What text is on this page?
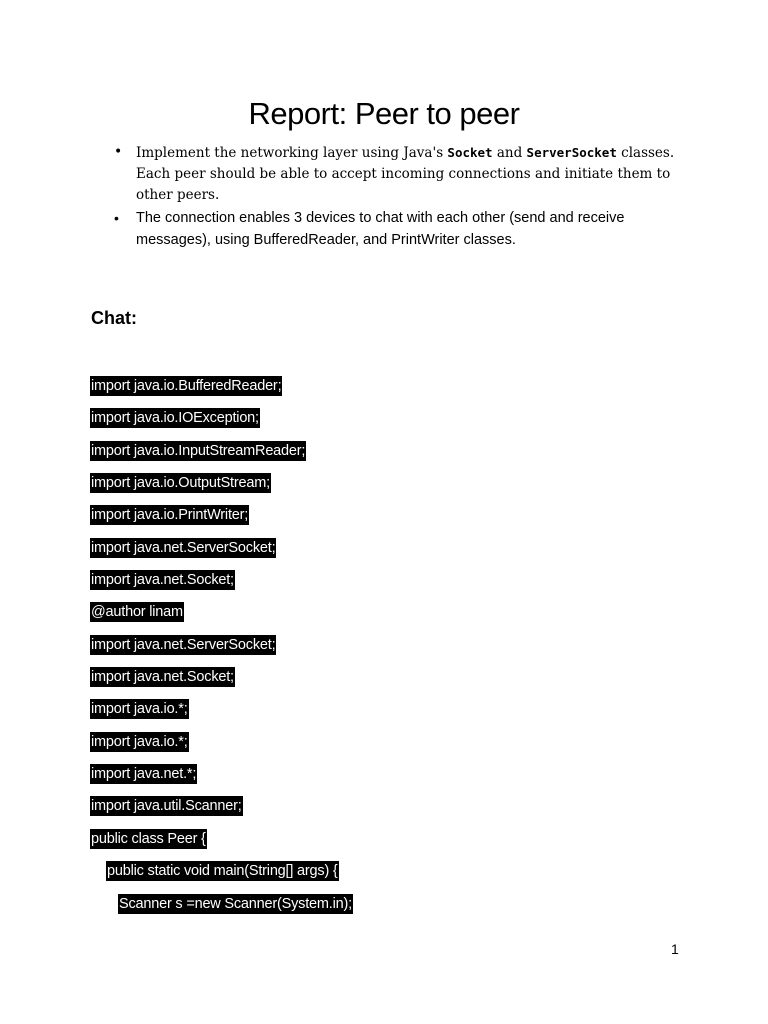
Report: Peer to peer
• Implement the networking layer using Java's Socket and ServerSocket classes. Each peer should be able to accept incoming connections and initiate them to other peers.
• The connection enables 3 devices to chat with each other (send and receive messages), using BufferedReader, and PrintWriter classes.
Chat:
import java.io.BufferedReader;
import java.io.IOException;
import java.io.InputStreamReader;
import java.io.OutputStream;
import java.io.PrintWriter;
import java.net.ServerSocket;
import java.net.Socket;
@author linam
import java.net.ServerSocket;
import java.net.Socket;
import java.io.*;
import java.io.*;
import java.net.*;
import java.util.Scanner;
public class Peer {
public static void main(String[] args) {
Scanner s =new Scanner(System.in);
1
